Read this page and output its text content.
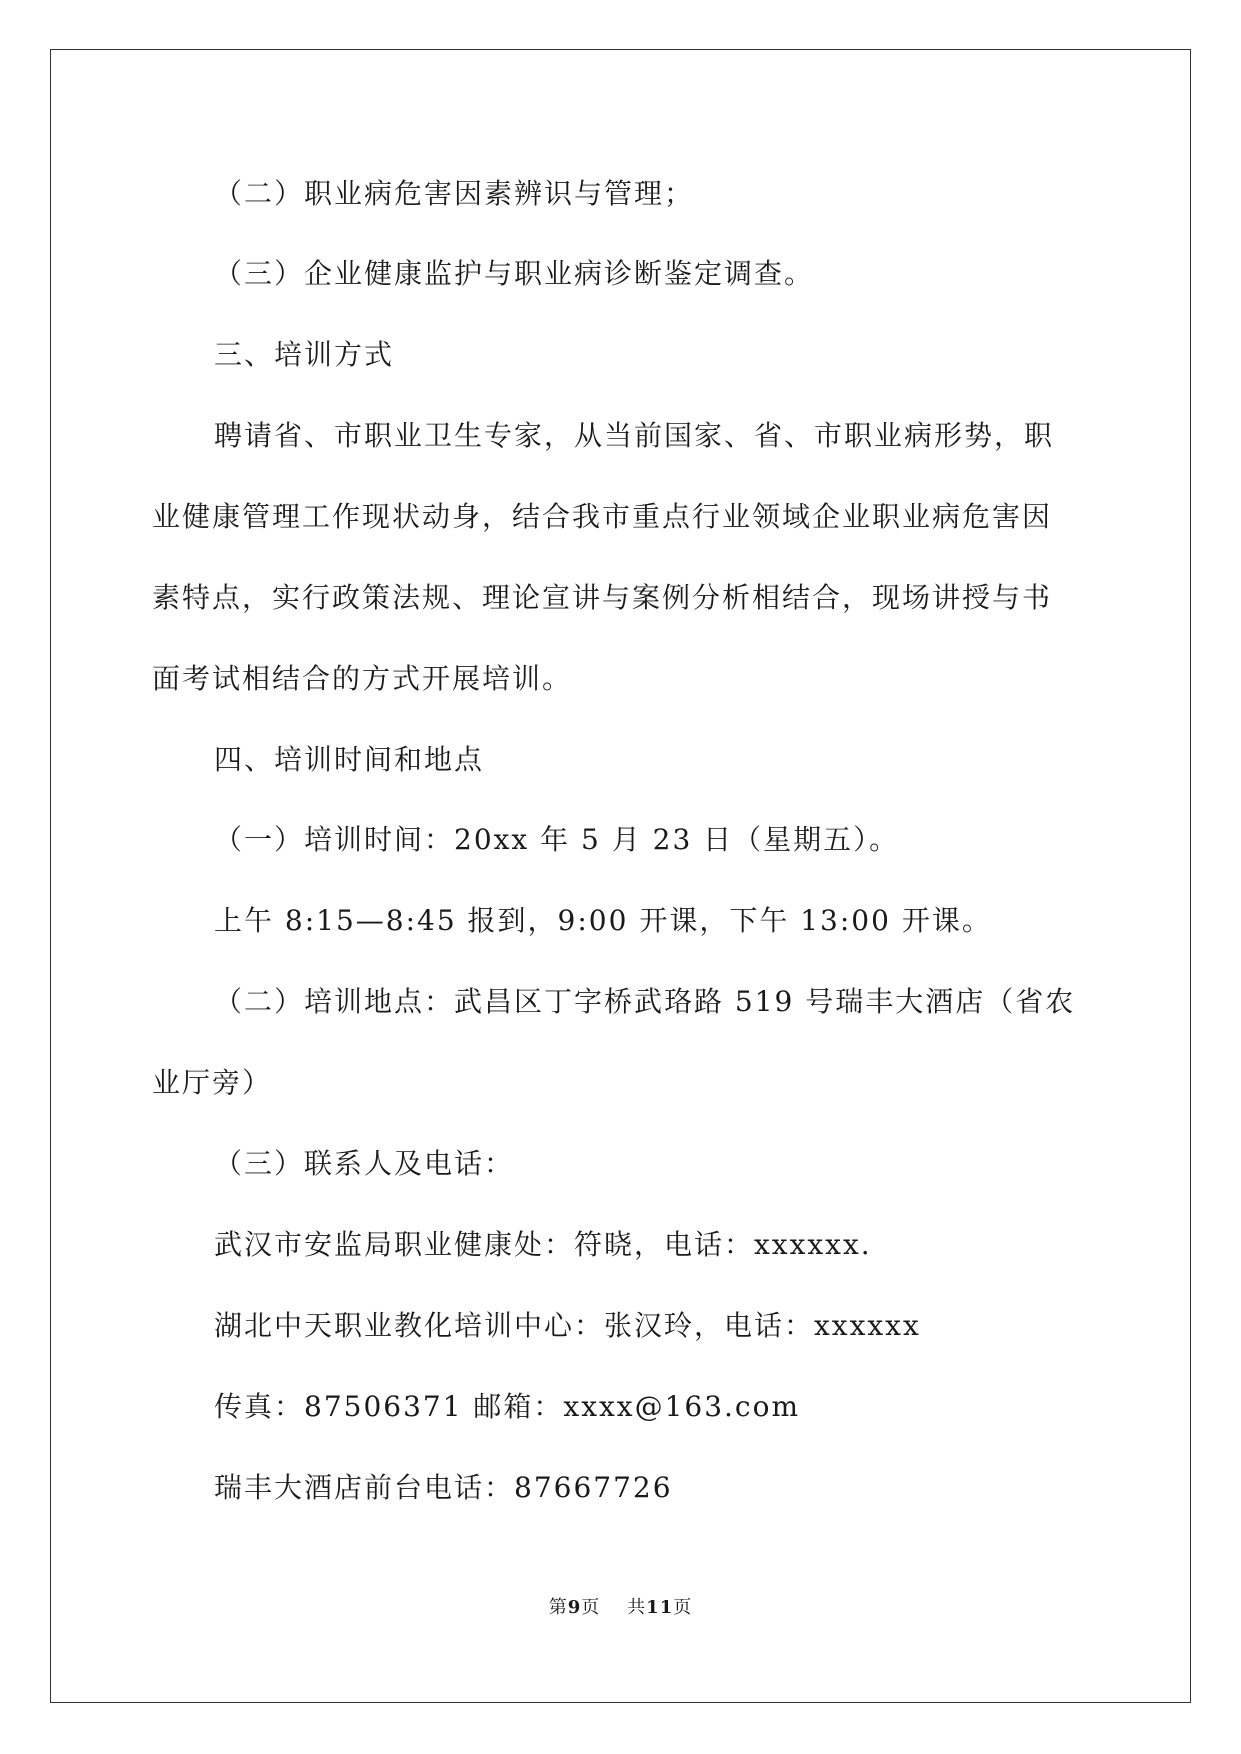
（二）职业病危害因素辨识与管理；
（三）企业健康监护与职业病诊断鉴定调查。
三、培训方式
聘请省、市职业卫生专家，从当前国家、省、市职业病形势，职
业健康管理工作现状动身，结合我市重点行业领域企业职业病危害因
素特点，实行政策法规、理论宣讲与案例分析相结合，现场讲授与书
面考试相结合的方式开展培训。
四、培训时间和地点
（一）培训时间：20xx 年 5 月 23 日（星期五）。
上午 8:15—8:45 报到，9:00 开课，下午 13:00 开课。
（二）培训地点：武昌区丁字桥武珞路 519 号瑞丰大酒店（省农
业厅旁）
（三）联系人及电话：
武汉市安监局职业健康处：符晓，电话：xxxxxx.
湖北中天职业教化培训中心：张汉玲，电话：xxxxxx
传真：87506371 邮箱：xxxx@163.com
瑞丰大酒店前台电话：87667726
第9页 共11页
